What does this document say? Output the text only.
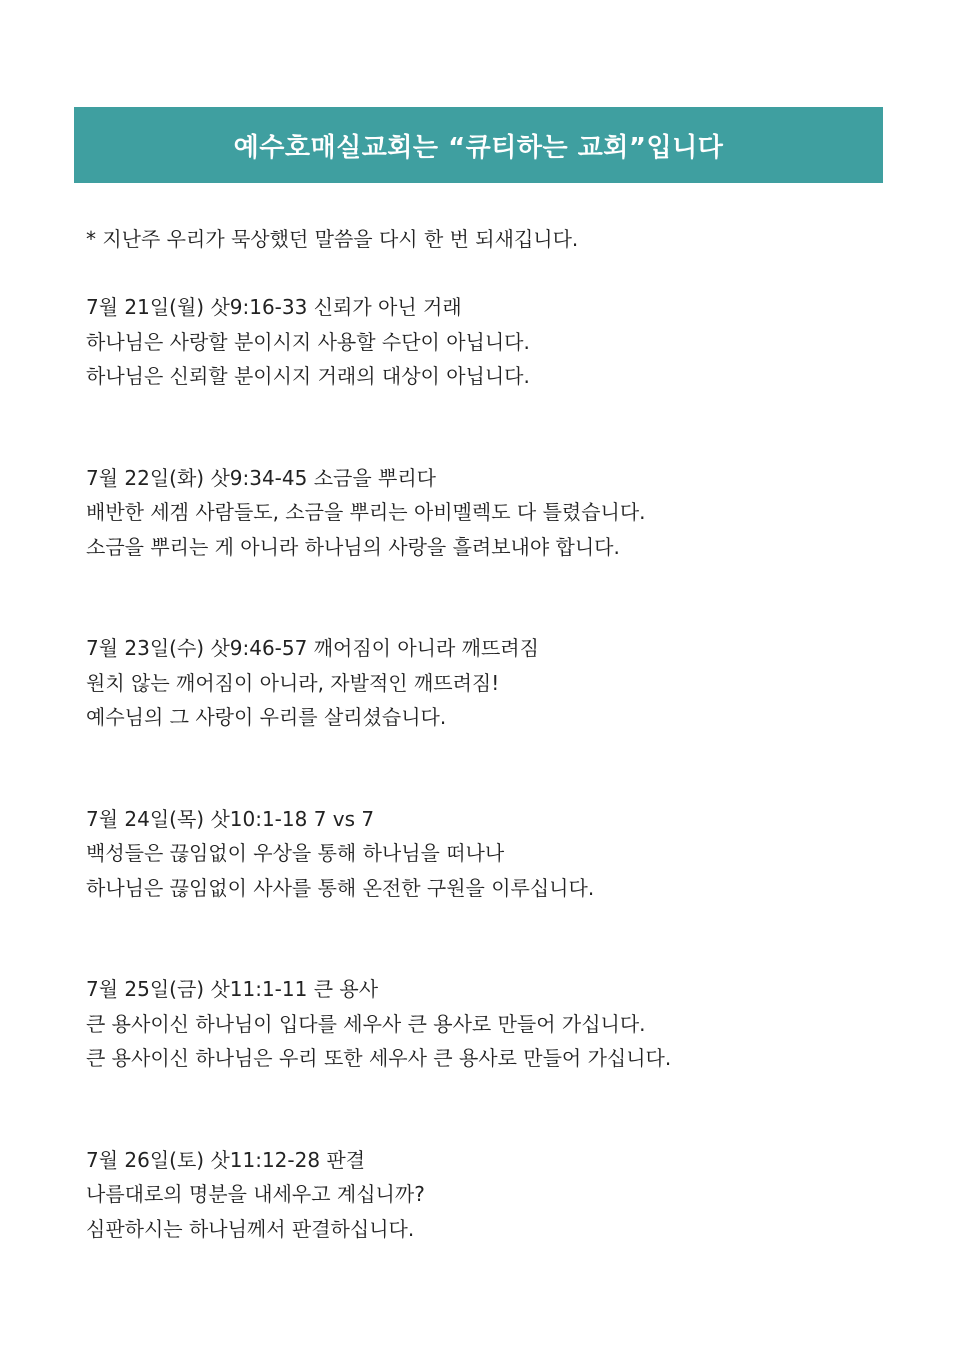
예수호매실교회는 “큐티하는 교회”입니다
* 지난주 우리가 묵상했던 말씀을 다시 한 번 되새깁니다.
7월 21일(월) 삿9:16-33 신뢰가 아닌 거래
하나님은 사랑할 분이시지 사용할 수단이 아닙니다.
하나님은 신뢰할 분이시지 거래의 대상이 아닙니다.
7월 22일(화) 삿9:34-45 소금을 뿌리다
배반한 세겜 사람들도, 소금을 뿌리는 아비멜렉도 다 틀렸습니다.
소금을 뿌리는 게 아니라 하나님의 사랑을 흘려보내야 합니다.
7월 23일(수) 삿9:46-57 깨어짐이 아니라 깨뜨려짐
원치 않는 깨어짐이 아니라, 자발적인 깨뜨려짐!
예수님의 그 사랑이 우리를 살리셨습니다.
7월 24일(목) 삿10:1-18 7 vs 7
백성들은 끊임없이 우상을 통해 하나님을 떠나나
하나님은 끊임없이 사사를 통해 온전한 구원을 이루십니다.
7월 25일(금) 삿11:1-11 큰 용사
큰 용사이신 하나님이 입다를 세우사 큰 용사로 만들어 가십니다.
큰 용사이신 하나님은 우리 또한 세우사 큰 용사로 만들어 가십니다.
7월 26일(토) 삿11:12-28 판결
나름대로의 명분을 내세우고 계십니까?
심판하시는 하나님께서 판결하십니다.
